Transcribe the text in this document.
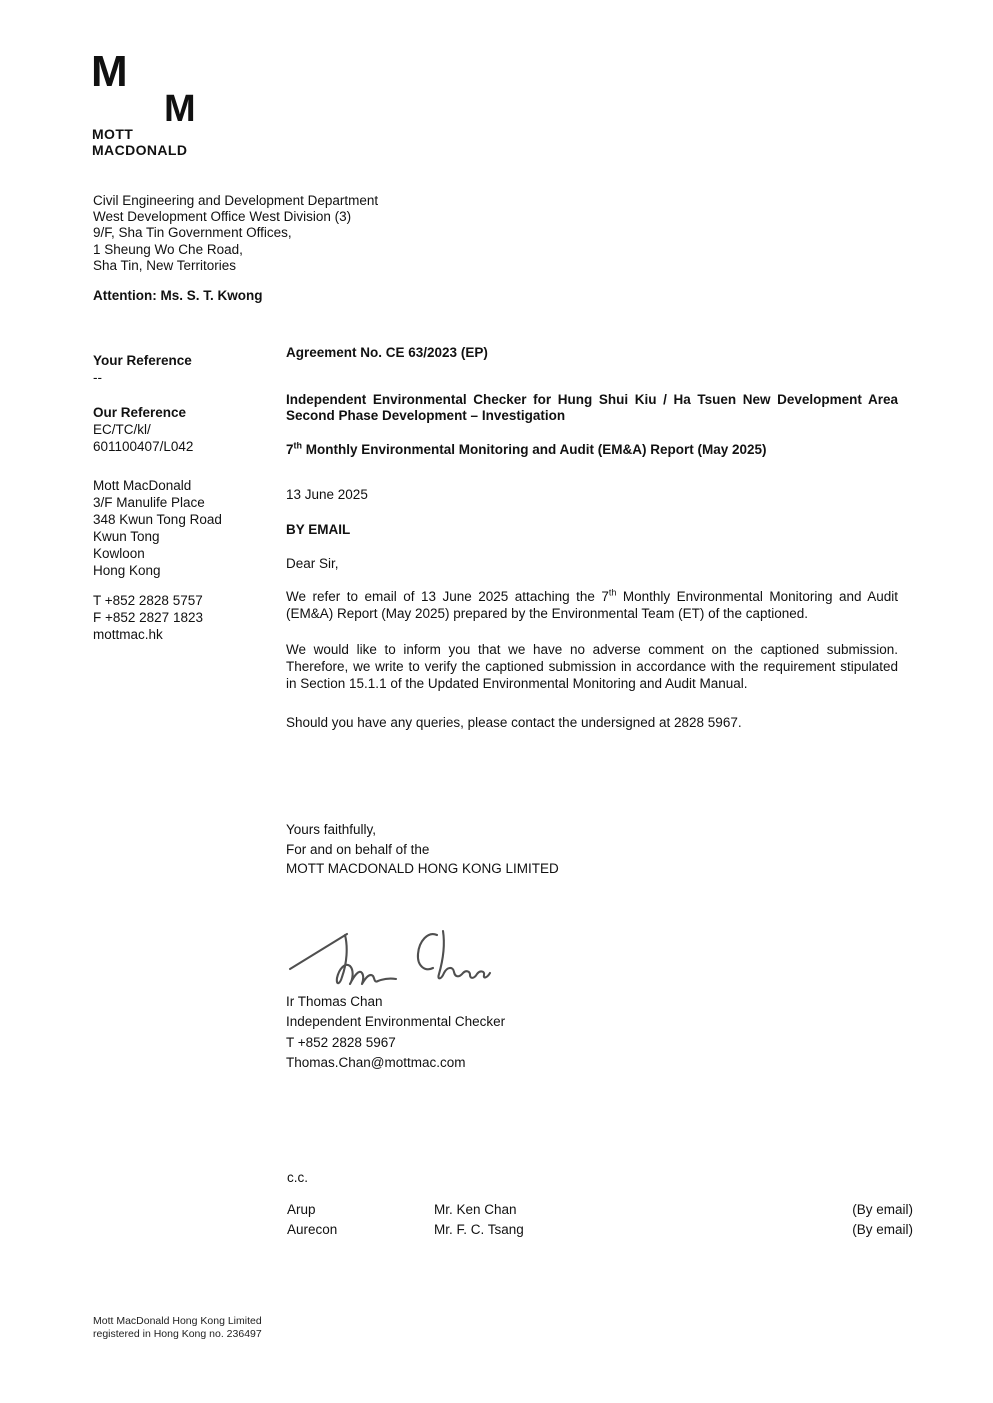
M
M
MOTT
MACDONALD
Civil Engineering and Development Department
West Development Office West Division (3)
9/F, Sha Tin Government Offices,
1 Sheung Wo Che Road,
Sha Tin, New Territories
Attention: Ms. S. T. Kwong
Your Reference
--
Our Reference
EC/TC/kl/
601100407/L042
Mott MacDonald
3/F Manulife Place
348 Kwun Tong Road
Kwun Tong
Kowloon
Hong Kong
T +852 2828 5757
F +852 2827 1823
mottmac.hk
Agreement No. CE 63/2023 (EP)
Independent Environmental Checker for Hung Shui Kiu / Ha Tsuen New Development Area Second Phase Development – Investigation
7th Monthly Environmental Monitoring and Audit (EM&A) Report (May 2025)
13 June 2025
BY EMAIL
Dear Sir,

We refer to email of 13 June 2025 attaching the 7th Monthly Environmental Monitoring and Audit (EM&A) Report (May 2025) prepared by the Environmental Team (ET) of the captioned.

We would like to inform you that we have no adverse comment on the captioned submission. Therefore, we write to verify the captioned submission in accordance with the requirement stipulated in Section 15.1.1 of the Updated Environmental Monitoring and Audit Manual.

Should you have any queries, please contact the undersigned at 2828 5967.

Yours faithfully,
For and on behalf of the
MOTT MACDONALD HONG KONG LIMITED
Ir Thomas Chan
Independent Environmental Checker
T +852 2828 5967
Thomas.Chan@mottmac.com
c.c.
Arup	Mr. Ken Chan	(By email)
Aurecon	Mr. F. C. Tsang	(By email)
Mott MacDonald Hong Kong Limited
registered in Hong Kong no. 236497
